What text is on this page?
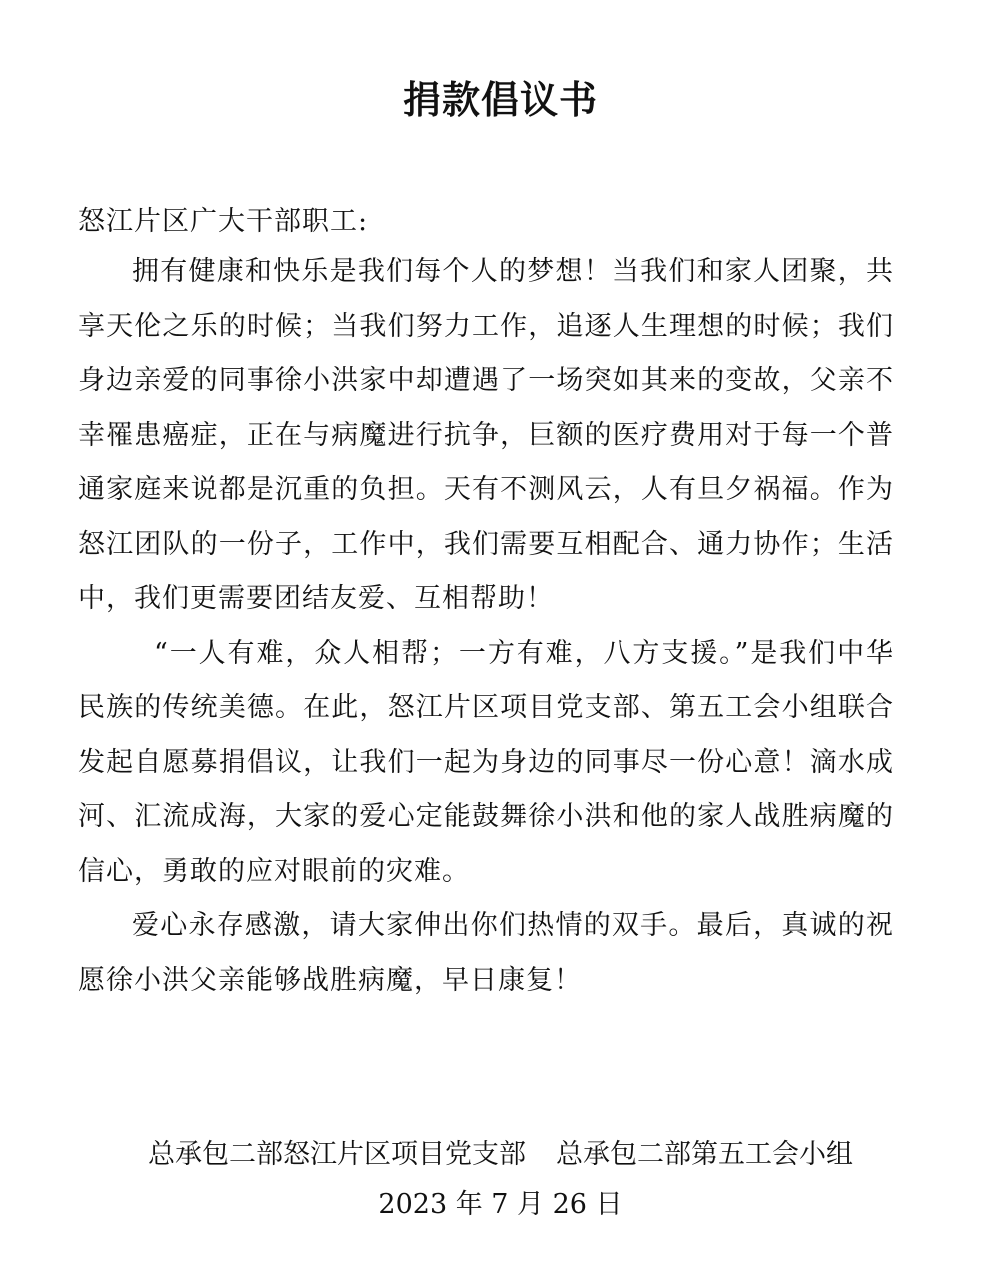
捐款倡议书
怒江片区广大干部职工:

拥有健康和快乐是我们每个人的梦想！当我们和家人团聚，共享天伦之乐的时候；当我们努力工作，追逐人生理想的时候；我们身边亲爱的同事徐小洪家中却遭遇了一场突如其来的变故，父亲不幸罹患癌症，正在与病魔进行抗争，巨额的医疗费用对于每一个普通家庭来说都是沉重的负担。天有不测风云，人有旦夕祸福。作为怒江团队的一份子，工作中，我们需要互相配合、通力协作；生活中，我们更需要团结友爱、互相帮助！

“一人有难，众人相帮；一方有难，八方支援。”是我们中华民族的传统美德。在此，怒江片区项目党支部、第五工会小组联合发起自愿募捐倡议，让我们一起为身边的同事尽一份心意！滴水成河、汇流成海，大家的爱心定能鼓舞徐小洪和他的家人战胜病魔的信心，勇敢的应对眼前的灾难。

爱心永存感激，请大家伸出你们热情的双手。最后，真诚的祝愿徐小洪父亲能够战胜病魔，早日康复！

总承包二部怒江片区项目党支部 总承包二部第五工会小组
2023 年 7 月 26 日
